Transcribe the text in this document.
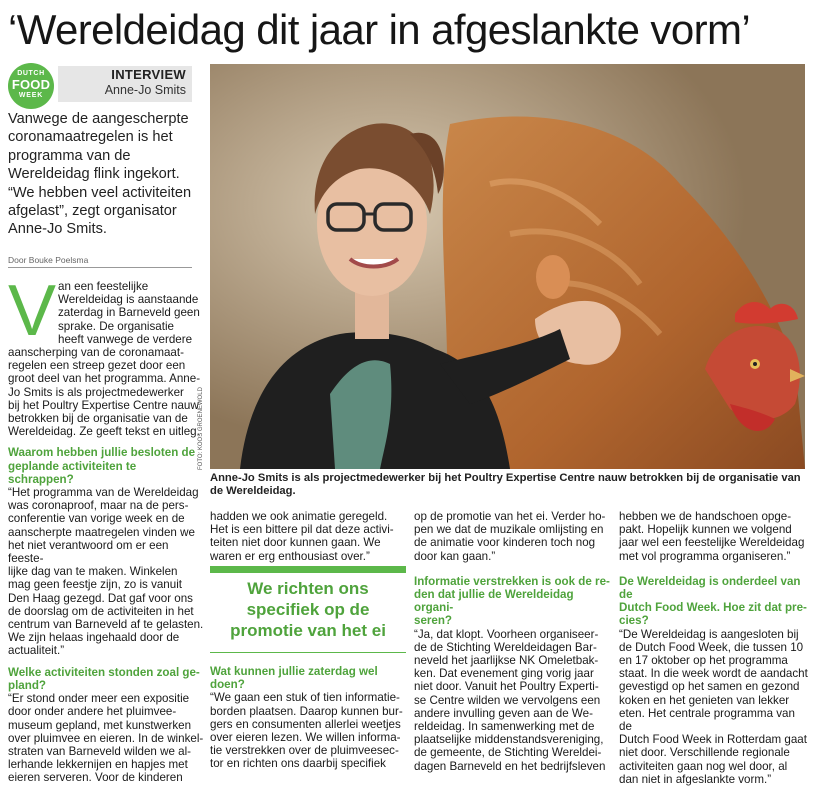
‘Wereldeidag dit jaar in afgeslankte vorm’
DUTCH
FOOD
WEEK
INTERVIEW
Anne-Jo Smits
Vanwege de aangescherpte coronamaatregelen is het programma van de Wereldeidag flink ingekort. “We hebben veel activiteiten afgelast”, zegt organisator Anne-Jo Smits.
Door Bouke Poelsma
V an een feestelijke
Wereldeidag is aanstaande
zaterdag in Barneveld geen
sprake. De organisatie
heeft vanwege de verdere
aanscherping van de coronamaat-
regelen een streep gezet door een
groot deel van het programma. Anne-
Jo Smits is als projectmedewerker
bij het Poultry Expertise Centre nauw
betrokken bij de organisatie van de
Wereldeidag. Ze geeft tekst en uitleg.
Waarom hebben jullie besloten de
geplande activiteiten te schrappen?
“Het programma van de Wereldeidag
was coronaproof, maar na de pers-
conferentie van vorige week en de
aanscherpte maatregelen vinden we
het niet verantwoord om er een feeste-
lijke dag van te maken. Winkelen
mag geen feestje zijn, zo is vanuit
Den Haag gezegd. Dat gaf voor ons
de doorslag om de activiteiten in het
centrum van Barneveld af te gelasten.
We zijn helaas ingehaald door de
actualiteit.”
Welke activiteiten stonden zoal ge-
pland?
“Er stond onder meer een expositie
door onder andere het pluimvee-
museum gepland, met kunstwerken
over pluimvee en eieren. In de winkel-
straten van Barneveld wilden we al-
lerhande lekkernijen en hapjes met
eieren serveren. Voor de kinderen
FOTO: KOOS GROENEWOLD
Anne-Jo Smits is als projectmedewerker bij het Poultry Expertise Centre nauw betrokken bij de organisatie van de Wereldeidag.
hadden we ook animatie geregeld.
Het is een bittere pil dat deze activi-
teiten niet door kunnen gaan. We
waren er erg enthousiast over.”
We richten ons specifiek op de promotie van het ei
Wat kunnen jullie zaterdag wel doen?
“We gaan een stuk of tien informatie-
borden plaatsen. Daarop kunnen bur-
gers en consumenten allerlei weetjes
over eieren lezen. We willen informa-
tie verstrekken over de pluimveesec-
tor en richten ons daarbij specifiek
op de promotie van het ei. Verder ho-
pen we dat de muzikale omlijsting en
de animatie voor kinderen toch nog
door kan gaan.”
Informatie verstrekken is ook de re-
den dat jullie de Wereldeidag organi-
seren?
“Ja, dat klopt. Voorheen organiseer-
de de Stichting Wereldeidagen Bar-
neveld het jaarlijkse NK Omeletbak-
ken. Dat evenement ging vorig jaar
niet door. Vanuit het Poultry Experti-
se Centre wilden we vervolgens een
andere invulling geven aan de We-
reldeidag. In samenwerking met de
plaatselijke middenstandsvereniging,
de gemeente, de Stichting Wereldei-
dagen Barneveld en het bedrijfsleven
hebben we de handschoen opge-
pakt. Hopelijk kunnen we volgend
jaar wel een feestelijke Wereldeidag
met vol programma organiseren.”
De Wereldeidag is onderdeel van de
Dutch Food Week. Hoe zit dat pre-
cies?
“De Wereldeidag is aangesloten bij
de Dutch Food Week, die tussen 10
en 17 oktober op het programma
staat. In die week wordt de aandacht
gevestigd op het samen en gezond
koken en het genieten van lekker
eten. Het centrale programma van de
Dutch Food Week in Rotterdam gaat
niet door. Verschillende regionale
activiteiten gaan nog wel door, al
dan niet in afgeslankte vorm.”
